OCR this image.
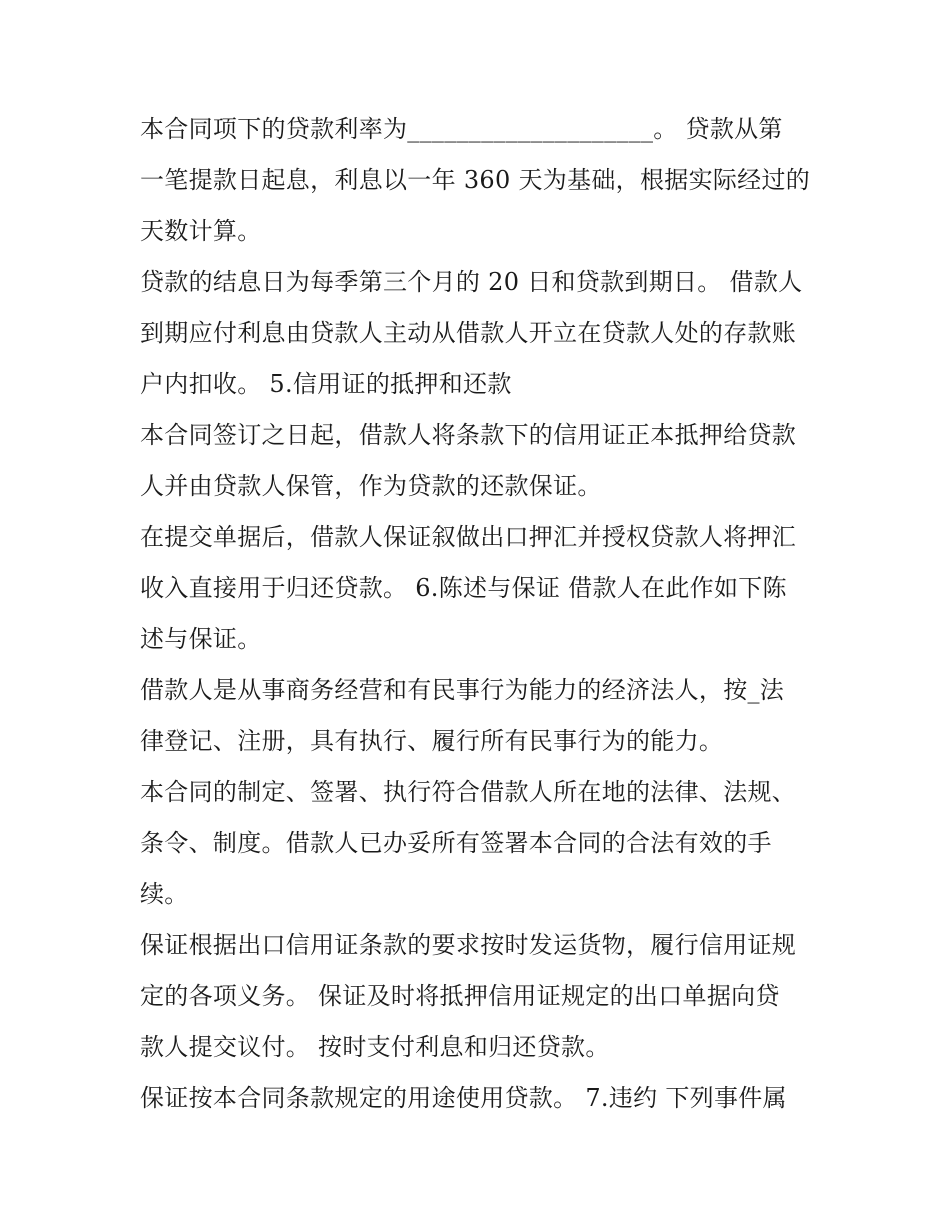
本合同项下的贷款利率为____________________。 贷款从第
一笔提款日起息，利息以一年 360 天为基础，根据实际经过的
天数计算。
贷款的结息日为每季第三个月的 20 日和贷款到期日。 借款人
到期应付利息由贷款人主动从借款人开立在贷款人处的存款账
户内扣收。 5.信用证的抵押和还款
本合同签订之日起，借款人将条款下的信用证正本抵押给贷款
人并由贷款人保管，作为贷款的还款保证。
在提交单据后，借款人保证叙做出口押汇并授权贷款人将押汇
收入直接用于归还贷款。 6.陈述与保证 借款人在此作如下陈
述与保证。
借款人是从事商务经营和有民事行为能力的经济法人，按_法
律登记、注册，具有执行、履行所有民事行为的能力。
本合同的制定、签署、执行符合借款人所在地的法律、法规、
条令、制度。借款人已办妥所有签署本合同的合法有效的手
续。
保证根据出口信用证条款的要求按时发运货物，履行信用证规
定的各项义务。 保证及时将抵押信用证规定的出口单据向贷
款人提交议付。 按时支付利息和归还贷款。
保证按本合同条款规定的用途使用贷款。 7.违约 下列事件属
